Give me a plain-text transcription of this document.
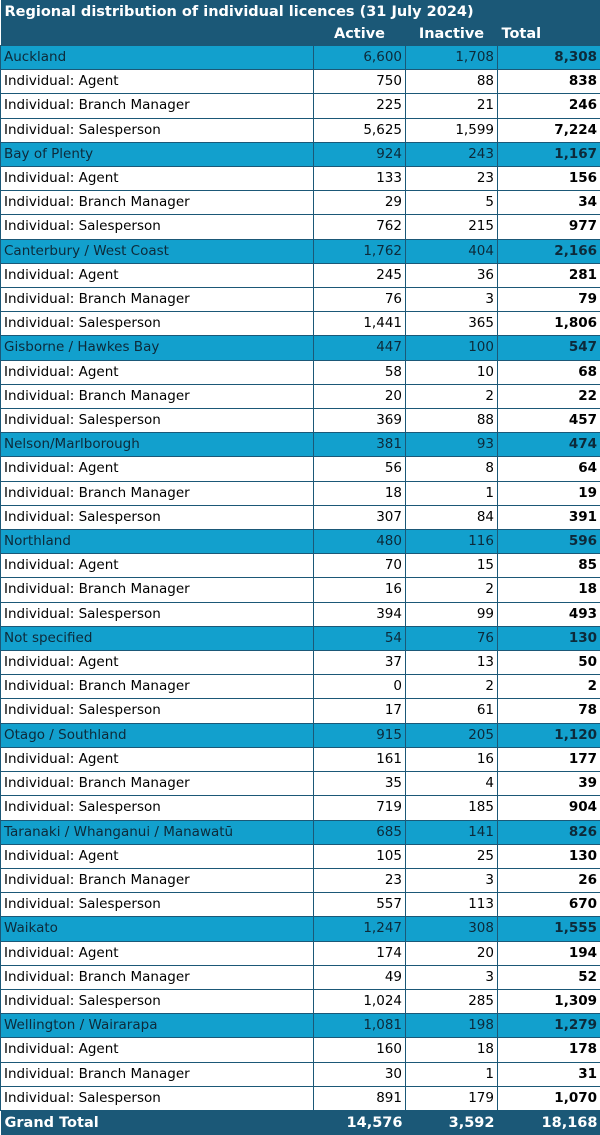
Regional distribution of individual licences (31 July 2024)			
	Active	Inactive	Total
Auckland	6,600	1,708	8,308
Individual: Agent	750	88	838
Individual: Branch Manager	225	21	246
Individual: Salesperson	5,625	1,599	7,224
Bay of Plenty	924	243	1,167
Individual: Agent	133	23	156
Individual: Branch Manager	29	5	34
Individual: Salesperson	762	215	977
Canterbury / West Coast	1,762	404	2,166
Individual: Agent	245	36	281
Individual: Branch Manager	76	3	79
Individual: Salesperson	1,441	365	1,806
Gisborne / Hawkes Bay	447	100	547
Individual: Agent	58	10	68
Individual: Branch Manager	20	2	22
Individual: Salesperson	369	88	457
Nelson/Marlborough	381	93	474
Individual: Agent	56	8	64
Individual: Branch Manager	18	1	19
Individual: Salesperson	307	84	391
Northland	480	116	596
Individual: Agent	70	15	85
Individual: Branch Manager	16	2	18
Individual: Salesperson	394	99	493
Not specified	54	76	130
Individual: Agent	37	13	50
Individual: Branch Manager	0	2	2
Individual: Salesperson	17	61	78
Otago / Southland	915	205	1,120
Individual: Agent	161	16	177
Individual: Branch Manager	35	4	39
Individual: Salesperson	719	185	904
Taranaki / Whanganui / Manawatū	685	141	826
Individual: Agent	105	25	130
Individual: Branch Manager	23	3	26
Individual: Salesperson	557	113	670
Waikato	1,247	308	1,555
Individual: Agent	174	20	194
Individual: Branch Manager	49	3	52
Individual: Salesperson	1,024	285	1,309
Wellington / Wairarapa	1,081	198	1,279
Individual: Agent	160	18	178
Individual: Branch Manager	30	1	31
Individual: Salesperson	891	179	1,070
Grand Total	14,576	3,592	18,168
